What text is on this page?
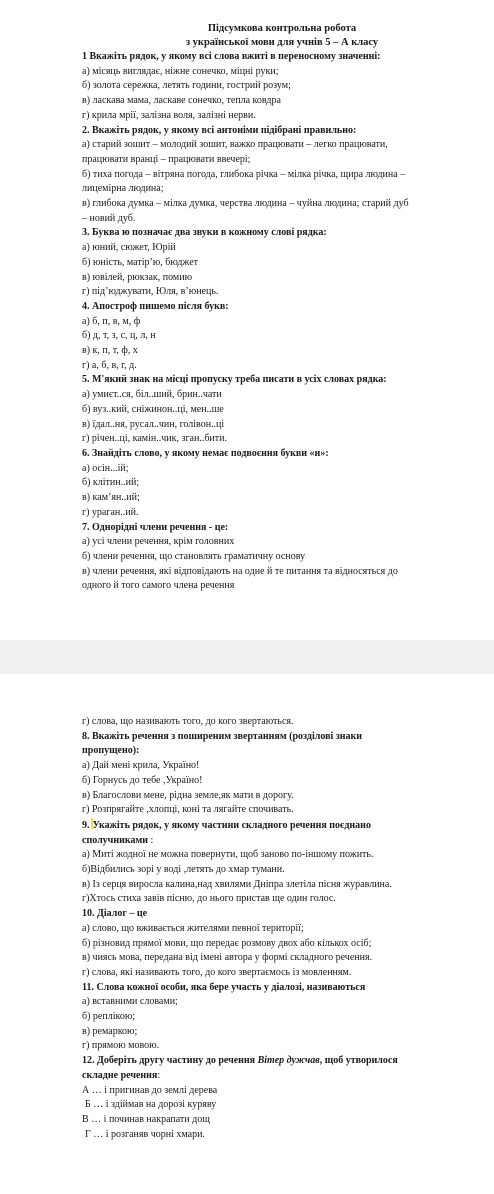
Підсумкова контрольна робота
з української мови для учнів 5 – А класу
1 Вкажіть рядок, у якому всі слова вжиті в переносному значенні:
а) місяць виглядає, ніжне сонечко, міцні руки;
б) золота сережка, летять години, гострий розум;
в) ласкава мама, ласкаве сонечко, тепла ковдра
г) крила мрії, залізна воля, залізні нерви.
2. Вкажіть рядок, у якому всі антоніми підібрані правильно:
а) старий зошит – молодий зошит, важко працювати – легко працювати,
працювати вранці – працювати ввечері;
б) тиха погода – вітряна погода, глибока річка – мілка річка, щира людина –
лицемірна людина;
в) глибока думка – мілка думка, черства людина – чуйна людина; старий дуб
– новий дуб.
3. Буква ю позначає два звуки в кожному слові рядка:
а) юний, сюжет, Юрій
б) юність, матір’ю, бюджет
в) ювілей, рюкзак, помию
г) під’юджувати, Юля, в’юнець.
4. Апостроф пишемо після букв:
а) б, п, в, м, ф
б) д, т, з, с, ц, л, н
в) к, п, т, ф, х
г) а, б, в, г, д.
5. М'який знак на місці пропуску треба писати в усіх словах рядка:
а) умиєт..ся, біл..ший, брин..чати
б) вуз..кий, сніжинон..ці, мен..ше
в) їдал..ня, русал..чин, голівон..ці
г) річен..ці, камін..чик, зган..бити.
6. Знайдіть слово, у якому немає подвоєння букви «и»:
а) осін...ій;
б) клітин..ий;
в) кам’ян..ий;
г) ураган..ий.
7. Однорідні члени речення - це:
а) усі члени речення, крім головних
б) члени речення, що становлять граматичну основу
в) члени речення, які відповідають на одне й те питання та відносяться до
одного й того самого члена речення
г) слова, що називають того, до кого звертаються.
8. Вкажіть речення з поширеним звертанням (розділові знаки
пропущено):
а) Дай мені крила, Україно!
б) Горнусь до тебе ,Україно!
в) Благослови мене, рідна земле,як мати в дорогу.
г) Розпрягайте ,хлопці, коні та лягайте спочивать.
9. Укажіть рядок, у якому частини складного речення поєднано
сполучниками :
а) Миті жодної не можна повернути, щоб заново по-іншому пожить.
б)Відбились зорі у воді ,летять до хмар тумани.
в) Із серця виросла калина,над хвилями Дніпра злетіла пісня журавлина.
г)Хтось стиха завів пісню, до нього пристав ще один голос.
10. Діалог – це
а) слово, що вживається жителями певної території;
б) різновид прямої мови, що передає розмову двох або кількох осіб;
в) чиясь мова, передана від імені автора у формі складного речення.
г) слова, які називають того, до кого звертаємось із мовленням.
11. Слова кожної особи, яка бере участь у діалозі, називаються
а) вставними словами;
б) реплікою;
в) ремаркою;
г) прямою мовою.
12. Доберіть другу частину до речення Вітер дужчав, щоб утворилося
складне речення:
А … і пригинав до землі дерева
Б … і здіймав на дорозі куряву
В … і починав накрапати дощ
Г … і розганяв чорні хмари.
